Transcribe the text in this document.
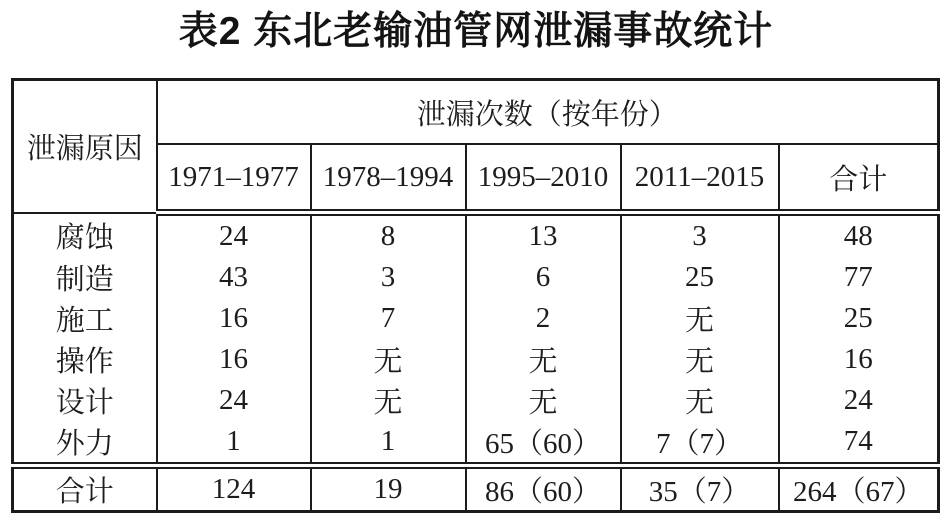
表2 东北老输油管网泄漏事故统计
泄漏原因	泄漏次数（按年份）				
	1971–1977	1978–1994	1995–2010	2011–2015	合计
腐蚀	24	8	13	3	48
制造	43	3	6	25	77
施工	16	7	2	无	25
操作	16	无	无	无	16
设计	24	无	无	无	24
外力	1	1	65（60）	7（7）	74
合计	124	19	86（60）	35（7）	264（67）
